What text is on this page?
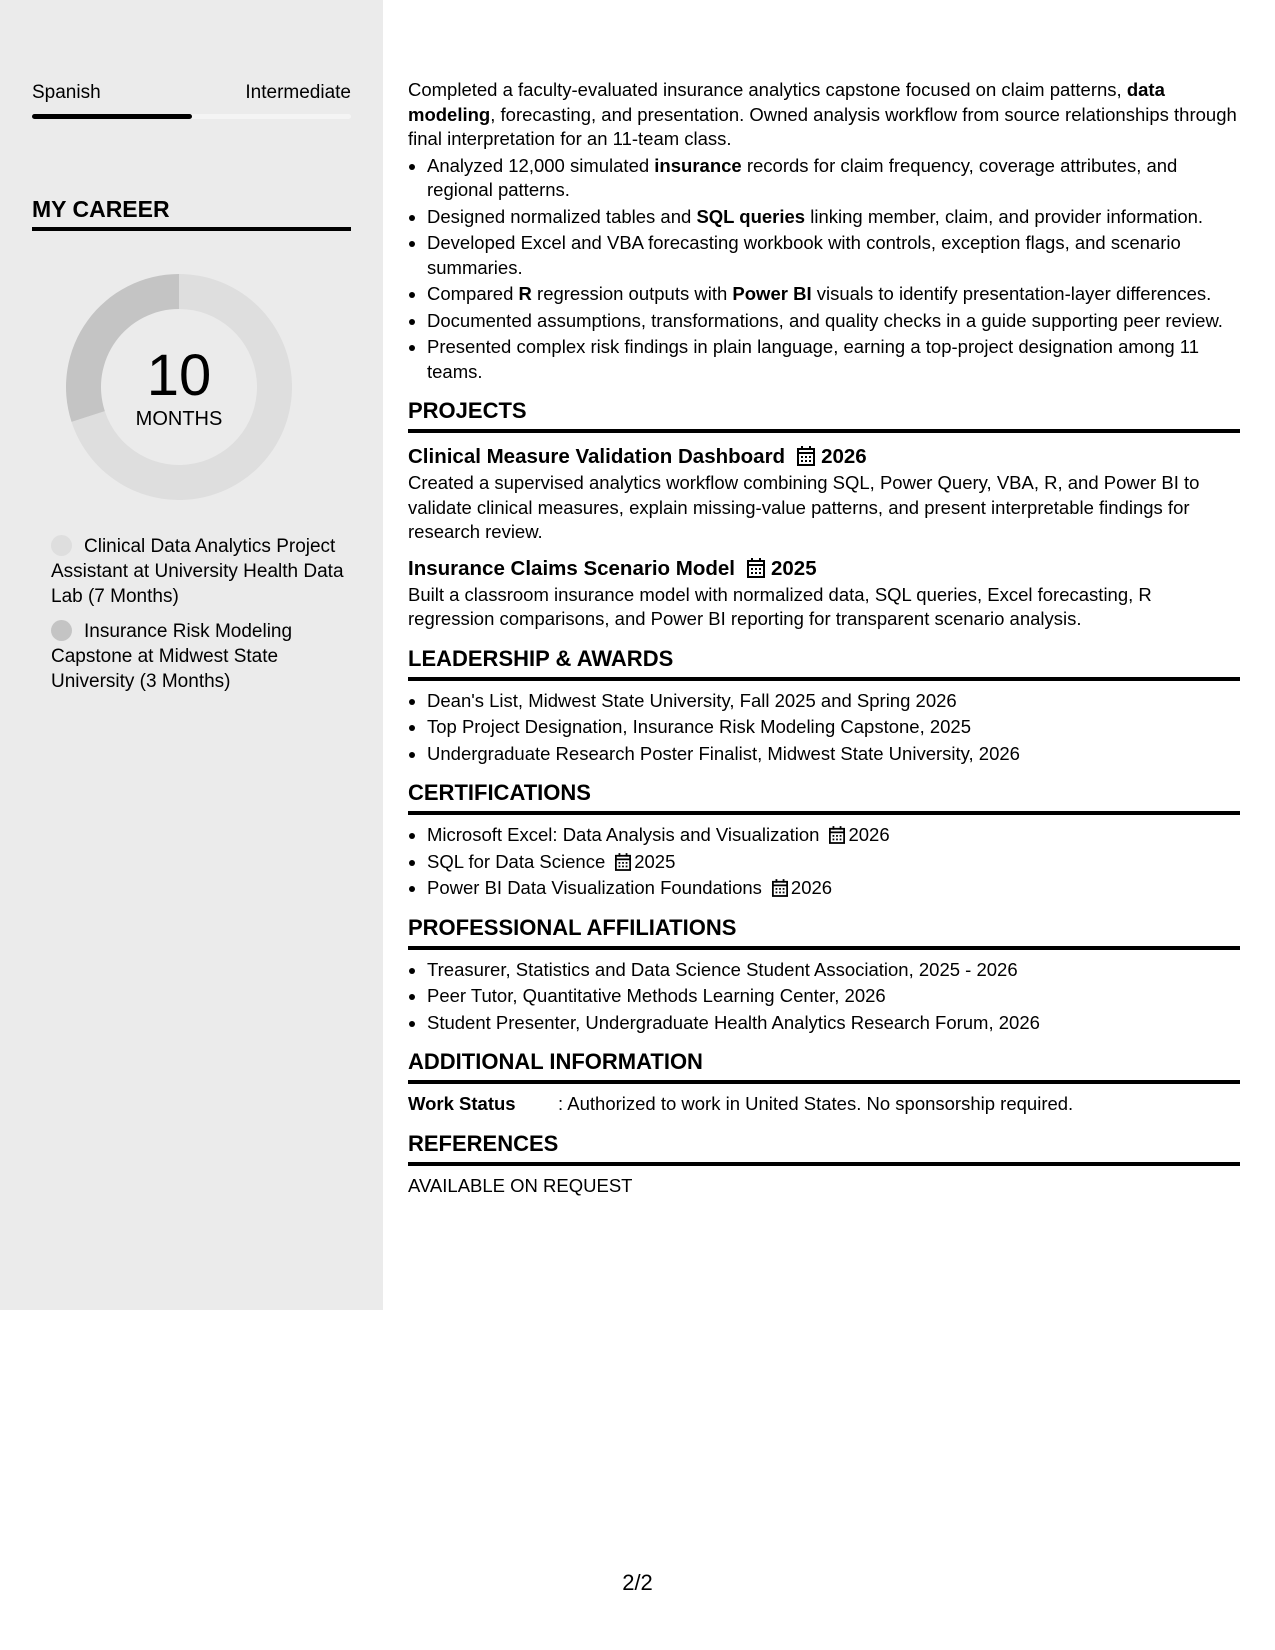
Spanish	Intermediate
MY CAREER
10
MONTHS
Clinical Data Analytics Project Assistant at University Health Data Lab (7 Months)
Insurance Risk Modeling Capstone at Midwest State University (3 Months)

Completed a faculty-evaluated insurance analytics capstone focused on claim patterns, data modeling, forecasting, and presentation. Owned analysis workflow from source relationships through final interpretation for an 11-team class.

• Analyzed 12,000 simulated insurance records for claim frequency, coverage attributes, and regional patterns.
• Designed normalized tables and SQL queries linking member, claim, and provider information.
• Developed Excel and VBA forecasting workbook with controls, exception flags, and scenario summaries.
• Compared R regression outputs with Power BI visuals to identify presentation-layer differences.
• Documented assumptions, transformations, and quality checks in a guide supporting peer review.
• Presented complex risk findings in plain language, earning a top-project designation among 11 teams.
PROJECTS
Clinical Measure Validation Dashboard 2026

Created a supervised analytics workflow combining SQL, Power Query, VBA, R, and Power BI to validate clinical measures, explain missing-value patterns, and present interpretable findings for research review.

Insurance Claims Scenario Model 2025

Built a classroom insurance model with normalized data, SQL queries, Excel forecasting, R regression comparisons, and Power BI reporting for transparent scenario analysis.

LEADERSHIP & AWARDS
• Dean's List, Midwest State University, Fall 2025 and Spring 2026
• Top Project Designation, Insurance Risk Modeling Capstone, 2025
• Undergraduate Research Poster Finalist, Midwest State University, 2026
CERTIFICATIONS
• Microsoft Excel: Data Analysis and Visualization 2026
• SQL for Data Science 2025
• Power BI Data Visualization Foundations 2026
PROFESSIONAL AFFILIATIONS
• Treasurer, Statistics and Data Science Student Association, 2025 - 2026
• Peer Tutor, Quantitative Methods Learning Center, 2026
• Student Presenter, Undergraduate Health Analytics Research Forum, 2026
ADDITIONAL INFORMATION
Work Status	: Authorized to work in United States. No sponsorship required.
REFERENCES

AVAILABLE ON REQUEST

2/2
